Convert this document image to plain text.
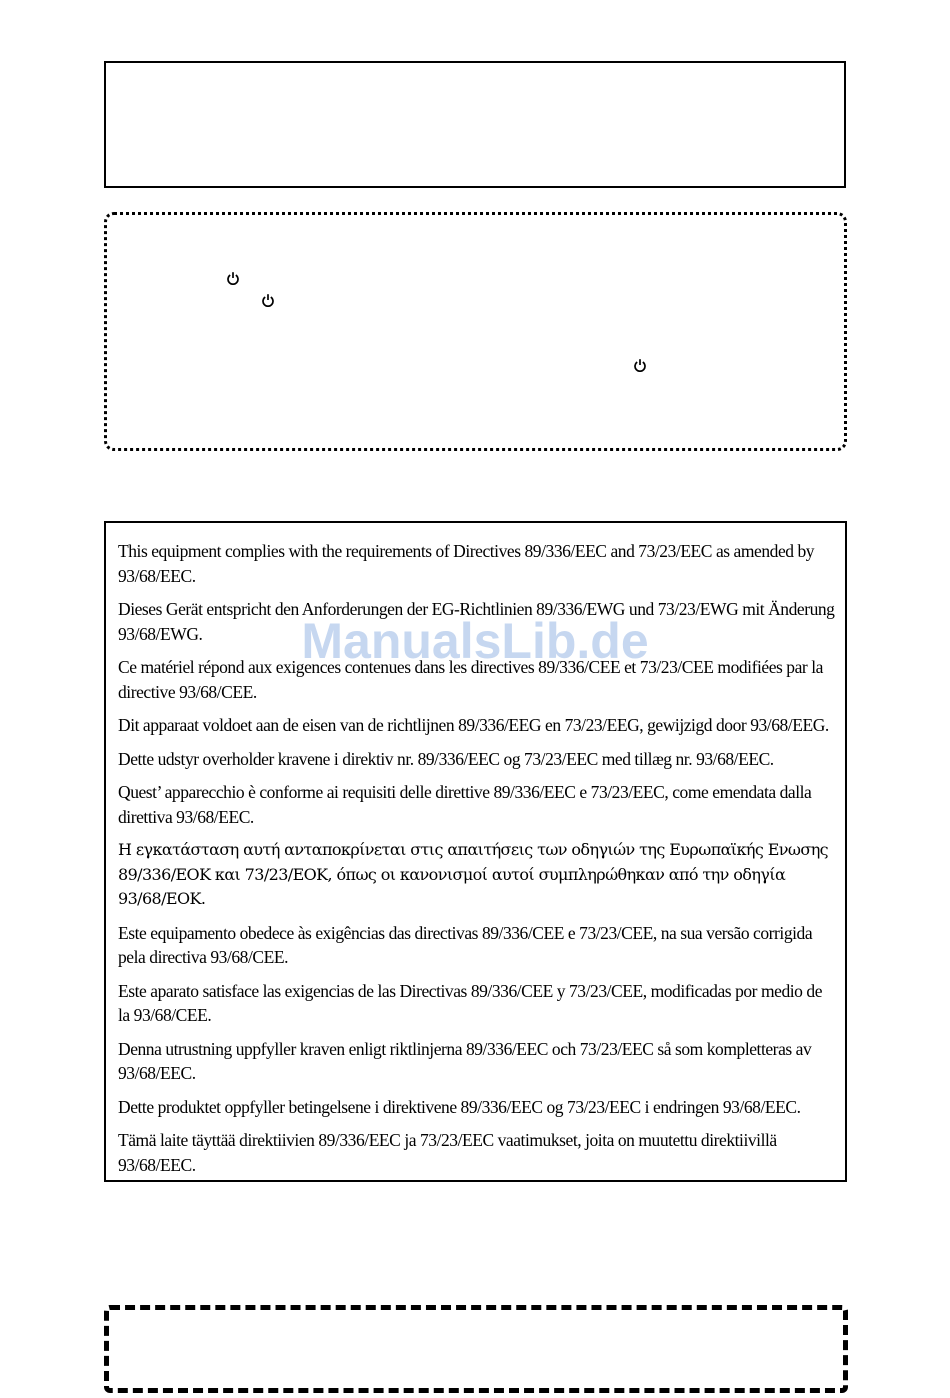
This equipment complies with the requirements of Directives 89/336/EEC and 73/23/EEC as amended by 93/68/EEC.

Dieses Gerät entspricht den Anforderungen der EG-Richtlinien 89/336/EWG und 73/23/EWG mit Änderung 93/68/EWG.

Ce matériel répond aux exigences contenues dans les directives 89/336/CEE et 73/23/CEE modifiées par la directive 93/68/CEE.

Dit apparaat voldoet aan de eisen van de richtlijnen 89/336/EEG en 73/23/EEG, gewijzigd door 93/68/EEG.

Dette udstyr overholder kravene i direktiv nr. 89/336/EEC og 73/23/EEC med tillæg nr. 93/68/EEC.

Quest’ apparecchio è conforme ai requisiti delle direttive 89/336/EEC e 73/23/EEC, come emendata dalla direttiva 93/68/EEC.

Η εγκατάσταση αυτή ανταποκρίνεται στις απαιτήσεις των οδηγιών της Ευρωπαϊκής Ενωσης 89/336/ΕΟΚ και 73/23/ΕΟΚ, όπως οι κανονισμοί αυτοί συμπληρώθηκαν από την οδηγία 93/68/ΕΟΚ.

Este equipamento obedece às exigências das directivas 89/336/CEE e 73/23/CEE, na sua versão corrigida pela directiva 93/68/CEE.

Este aparato satisface las exigencias de las Directivas 89/336/CEE y 73/23/CEE, modificadas por medio de la 93/68/CEE.

Denna utrustning uppfyller kraven enligt riktlinjerna 89/336/EEC och 73/23/EEC så som kompletteras av 93/68/EEC.

Dette produktet oppfyller betingelsene i direktivene 89/336/EEC og 73/23/EEC i endringen 93/68/EEC.

Tämä laite täyttää direktiivien 89/336/EEC ja 73/23/EEC vaatimukset, joita on muutettu direktiivillä 93/68/EEC.

ManualsLib.de
